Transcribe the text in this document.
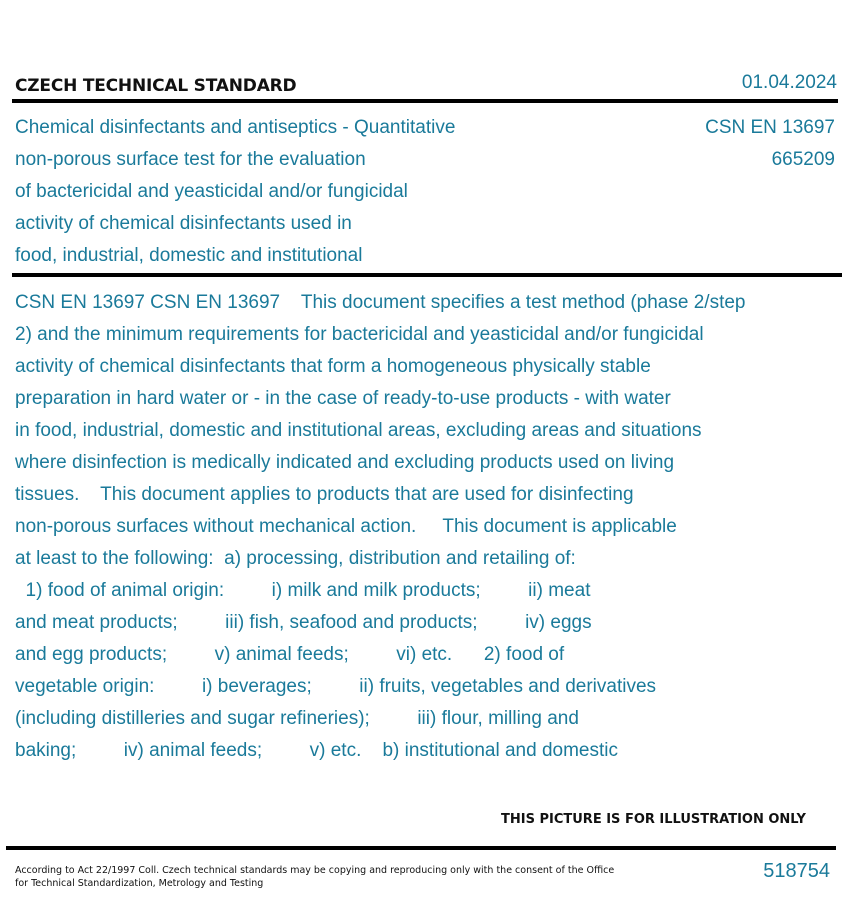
CZECH TECHNICAL STANDARD	01.04.2024
Chemical disinfectants and antiseptics - Quantitative
non-porous surface test for the evaluation
of bactericidal and yeasticidal and/or fungicidal
activity of chemical disinfectants used in
food, industrial, domestic and institutional
CSN EN 13697
665209
CSN EN 13697 CSN EN 13697    This document specifies a test method (phase 2/step
2) and the minimum requirements for bactericidal and yeasticidal and/or fungicidal
activity of chemical disinfectants that form a homogeneous physically stable
preparation in hard water or - in the case of ready-to-use products - with water
in food, industrial, domestic and institutional areas, excluding areas and situations
where disinfection is medically indicated and excluding products used on living
tissues.    This document applies to products that are used for disinfecting
non-porous surfaces without mechanical action.     This document is applicable
at least to the following:  a) processing, distribution and retailing of:
1) food of animal origin:         i) milk and milk products;         ii) meat
and meat products;         iii) fish, seafood and products;         iv) eggs
and egg products;         v) animal feeds;         vi) etc.      2) food of
vegetable origin:         i) beverages;         ii) fruits, vegetables and derivatives
(including distilleries and sugar refineries);         iii) flour, milling and
baking;         iv) animal feeds;         v) etc.    b) institutional and domestic
THIS PICTURE IS FOR ILLUSTRATION ONLY
According to Act 22/1997 Coll. Czech technical standards may be copying and reproducing only with the consent of the Office
for Technical Standardization, Metrology and Testing
518754
